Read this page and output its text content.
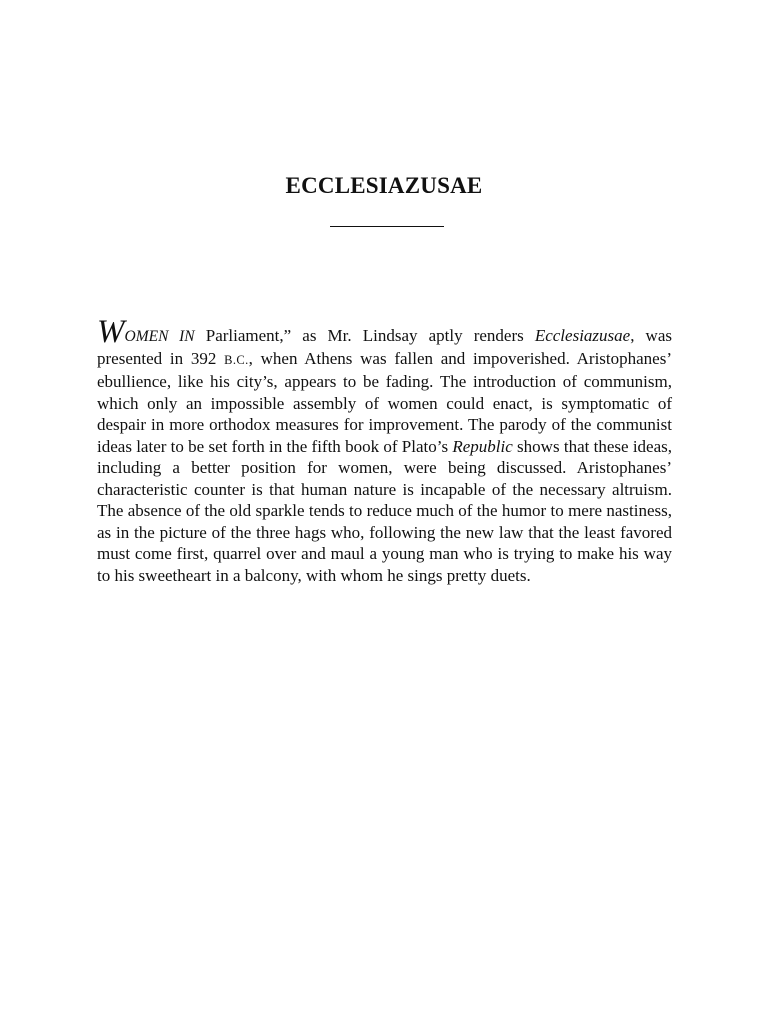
ECCLESIAZUSAE

WOMEN IN Parliament,” as Mr. Lindsay aptly renders Ecclesiazusae, was presented in 392 B.C., when Athens was fallen and impoverished. Aristophanes’ ebullience, like his city’s, appears to be fading. The introduction of communism, which only an impossible assembly of women could enact, is symptomatic of despair in more orthodox measures for improvement. The parody of the communist ideas later to be set forth in the fifth book of Plato’s Republic shows that these ideas, including a better position for women, were being discussed. Aristophanes’ characteristic counter is that human nature is incapable of the necessary altruism. The absence of the old sparkle tends to reduce much of the humor to mere nastiness, as in the picture of the three hags who, following the new law that the least favored must come first, quarrel over and maul a young man who is trying to make his way to his sweetheart in a balcony, with whom he sings pretty duets.
